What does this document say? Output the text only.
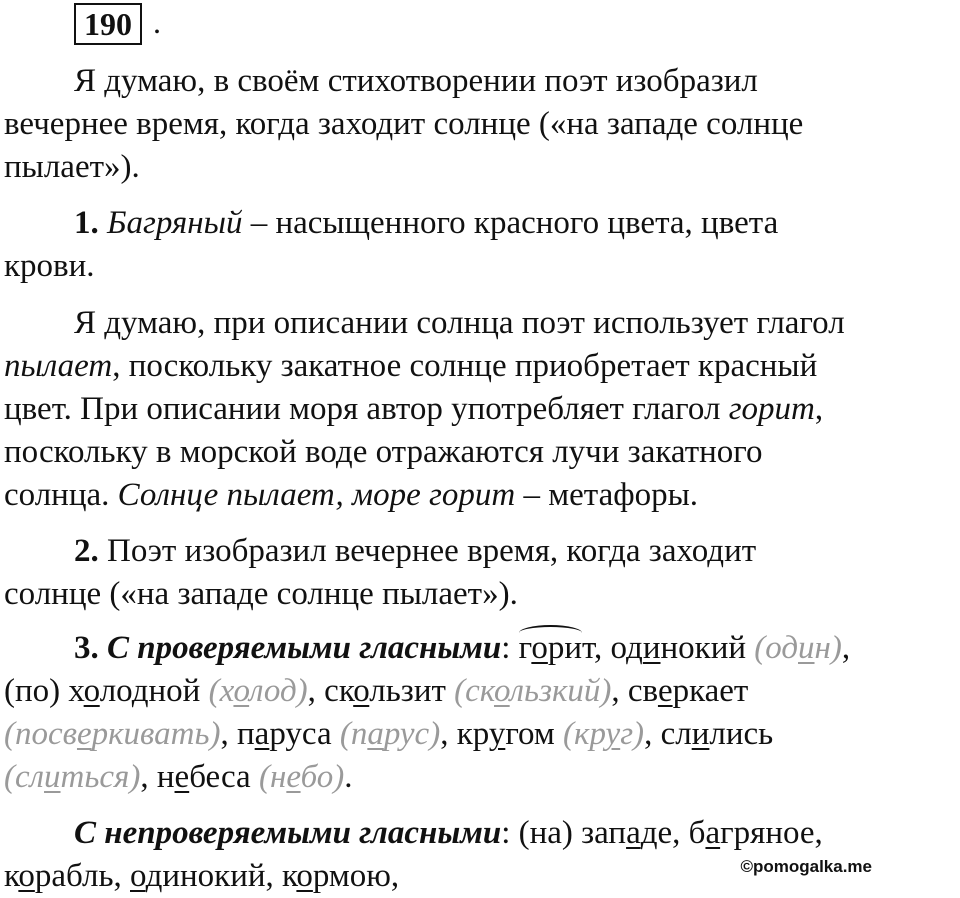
190 .
Я думаю, в своём стихотворении поэт изобразил
вечернее время, когда заходит солнце («на западе солнце
пылает»).
1. Багряный – насыщенного красного цвета, цвета
крови.
Я думаю, при описании солнца поэт использует глагол
пылает, поскольку закатное солнце приобретает красный
цвет. При описании моря автор употребляет глагол горит,
поскольку в морской воде отражаются лучи закатного
солнца. Солнце пылает, море горит – метафоры.
2. Поэт изобразил вечернее время, когда заходит
солнце («на западе солнце пылает»).
3. С проверяемыми гласными: горит, одинокий (один),
(по) холодной (холод), скользит (скользкий), сверкает
(посверкивать), паруса (парус), кругом (круг), слились
(слиться), небеса (небо).
С непроверяемыми гласными: (на) западе, багряное,
корабль, одинокий, кормою,	©pomogalka.me
